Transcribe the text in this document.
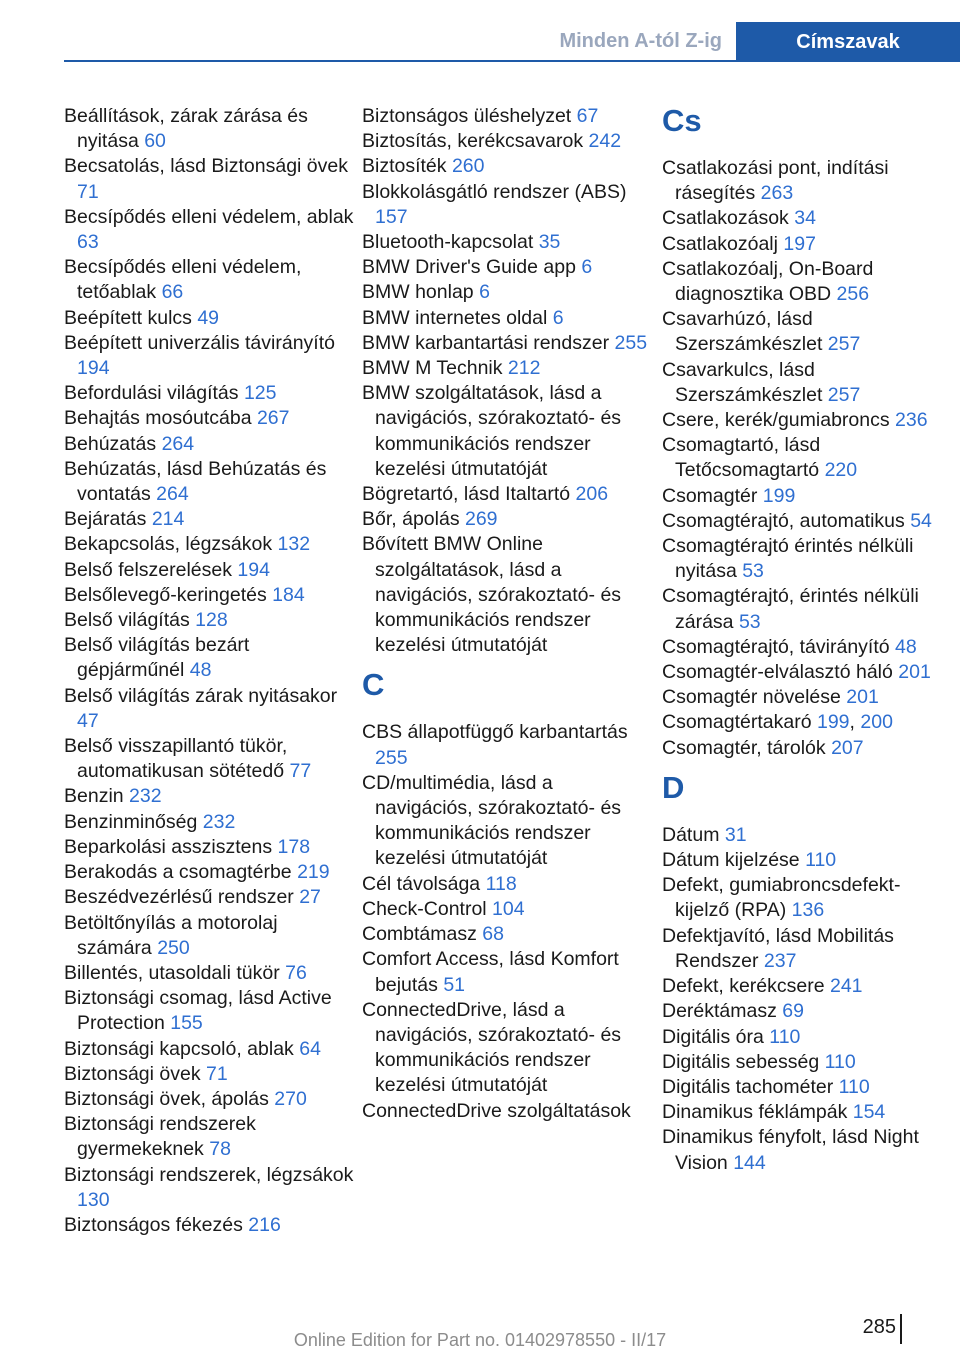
Minden A-tól Z-ig	Címszavak

Beállítások, zárak zárása és nyitása 60

Becsatolás, lásd Biztonsági övek 71

Becsípődés elleni védelem, ablak 63

Becsípődés elleni védelem, tetőablak 66

Beépített kulcs 49

Beépített univerzális távirányító 194

Befordulási világítás 125

Behajtás mosóutcába 267

Behúzatás 264

Behúzatás, lásd Behúzatás és vontatás 264

Bejáratás 214

Bekapcsolás, légzsákok 132

Belső felszerelések 194

Belsőlevegő-keringetés 184

Belső világítás 128

Belső világítás bezárt gépjárműnél 48

Belső világítás zárak nyitásakor 47

Belső visszapillantó tükör, automatikusan sötétedő 77

Benzin 232

Benzinminőség 232

Beparkolási asszisztens 178

Berakodás a csomagtérbe 219

Beszédvezérlésű rendszer 27

Betöltőnyílás a motorolaj számára 250

Billentés, utasoldali tükör 76

Biztonsági csomag, lásd Active Protection 155

Biztonsági kapcsoló, ablak 64

Biztonsági övek 71

Biztonsági övek, ápolás 270

Biztonsági rendszerek gyermekeknek 78

Biztonsági rendszerek, légzsákok 130

Biztonságos fékezés 216

Biztonságos üléshelyzet 67

Biztosítás, kerékcsavarok 242

Biztosíték 260

Blokkolásgátló rendszer (ABS) 157

Bluetooth-kapcsolat 35

BMW Driver's Guide app 6

BMW honlap 6

BMW internetes oldal 6

BMW karbantartási rendszer 255

BMW M Technik 212

BMW szolgáltatások, lásd a navigációs, szórakoztató- és kommunikációs rendszer kezelési útmutatóját

Bögretartó, lásd Italtartó 206

Bőr, ápolás 269

Bővített BMW Online szolgáltatások, lásd a navigációs, szórakoztató- és kommunikációs rendszer kezelési útmutatóját

C

CBS állapotfüggő karbantartás 255

CD/multimédia, lásd a navigációs, szórakoztató- és kommunikációs rendszer kezelési útmutatóját

Cél távolsága 118

Check-Control 104

Combtámasz 68

Comfort Access, lásd Komfort bejutás 51

ConnectedDrive, lásd a navigációs, szórakoztató- és kommunikációs rendszer kezelési útmutatóját

ConnectedDrive szolgáltatások

Cs

Csatlakozási pont, indítási rásegítés 263

Csatlakozások 34

Csatlakozóalj 197

Csatlakozóalj, On-Board diagnosztika OBD 256

Csavarhúzó, lásd Szerszámkészlet 257

Csavarkulcs, lásd Szerszámkészlet 257

Csere, kerék/gumiabroncs 236

Csomagtartó, lásd Tetőcsomagtartó 220

Csomagtér 199

Csomagtérajtó, automatikus 54

Csomagtérajtó érintés nélküli nyitása 53

Csomagtérajtó, érintés nélküli zárása 53

Csomagtérajtó, távirányító 48

Csomagtér-elválasztó háló 201

Csomagtér növelése 201

Csomagtértakaró 199, 200

Csomagtér, tárolók 207

D

Dátum 31

Dátum kijelzése 110

Defekt, gumiabroncsdefekt-kijelző (RPA) 136

Defektjavító, lásd Mobilitás Rendszer 237

Defekt, kerékcsere 241

Deréktámasz 69

Digitális óra 110

Digitális sebesség 110

Digitális tachométer 110

Dinamikus féklámpák 154

Dinamikus fényfolt, lásd Night Vision 144

285
Online Edition for Part no. 01402978550 - II/17
